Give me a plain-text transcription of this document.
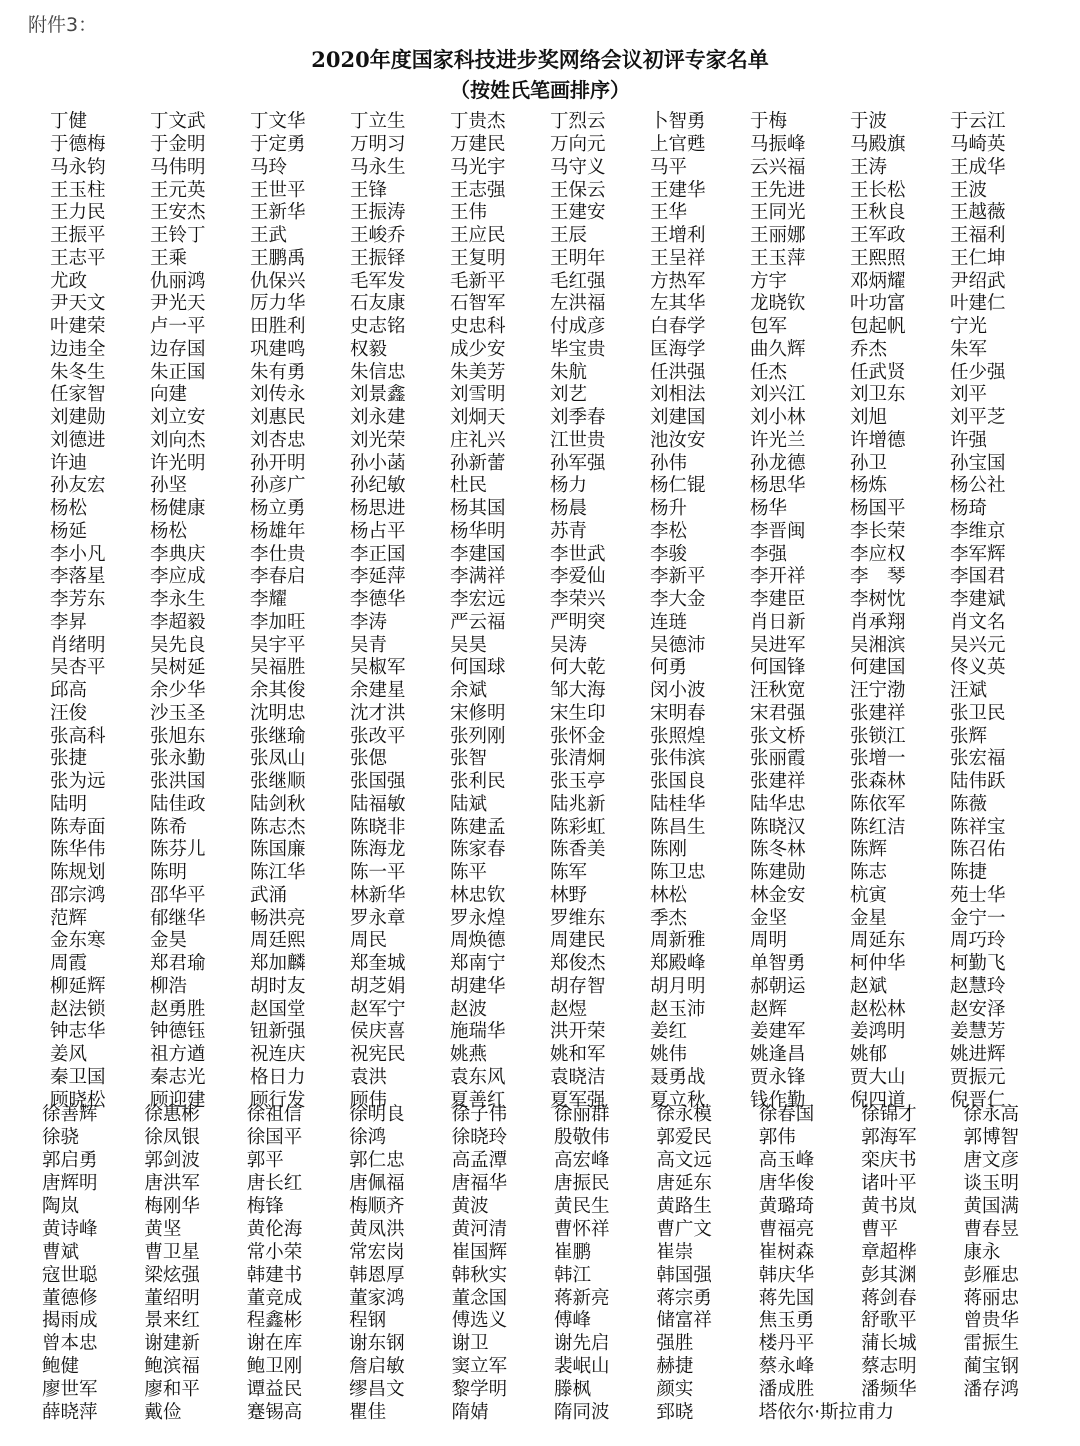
附件3：
2020年度国家科技进步奖网络会议初评专家名单
（按姓氏笔画排序）
丁健	丁文武	丁文华	丁立生	丁贵杰	丁烈云	卜智勇	于梅	于波	于云江
于德梅	于金明	于定勇	万明习	万建民	万向元	上官甦	马振峰	马殿旗	马崎英
马永钧	马伟明	马玲	马永生	马光宇	马守义	马平	云兴福	王涛	王成华
王玉柱	王元英	王世平	王锋	王志强	王保云	王建华	王先进	王长松	王波
王力民	王安杰	王新华	王振涛	王伟	王建安	王华	王同光	王秋良	王越薇
王振平	王铃丁	王武	王峻乔	王应民	王辰	王增利	王丽娜	王军政	王福利
王志平	王乘	王鹏禹	王振铎	王复明	王明年	王呈祥	王玉萍	王熙照	王仁坤
尤政	仇丽鸿	仇保兴	毛军发	毛新平	毛红强	方热军	方宇	邓炳耀	尹绍武
尹天文	尹光天	厉力华	石友康	石智军	左洪福	左其华	龙晓钦	叶功富	叶建仁
叶建荣	卢一平	田胜利	史志铭	史忠科	付成彦	白春学	包军	包起帆	宁光
边违全	边存国	巩建鸣	权毅	成少安	毕宝贵	匡海学	曲久辉	乔杰	朱军
朱冬生	朱正国	朱有勇	朱信忠	朱美芳	朱航	任洪强	任杰	任武贤	任少强
任家智	向建	刘传永	刘景鑫	刘雪明	刘艺	刘相法	刘兴江	刘卫东	刘平
刘建勋	刘立安	刘惠民	刘永建	刘炯天	刘季春	刘建国	刘小林	刘旭	刘平芝
刘德进	刘向杰	刘杏忠	刘光荣	庄礼兴	江世贵	池汝安	许光兰	许增德	许强
许迪	许光明	孙开明	孙小菡	孙新蕾	孙军强	孙伟	孙龙德	孙卫	孙宝国
孙友宏	孙坚	孙彦广	孙纪敏	杜民	杨力	杨仁锟	杨思华	杨炼	杨公社
杨松	杨健康	杨立勇	杨思进	杨其国	杨晨	杨升	杨华	杨国平	杨琦
杨延	杨松	杨雄年	杨占平	杨华明	苏青	李松	李晋闽	李长荣	李维京
李小凡	李典庆	李仕贵	李正国	李建国	李世武	李骏	李强	李应权	李军辉
李落星	李应成	李春启	李延萍	李满祥	李爱仙	李新平	李开祥	李　琴	李国君
李芳东	李永生	李耀	李德华	李宏远	李荣兴	李大金	李建臣	李树忱	李建斌
李昇	李超毅	李加旺	李涛	严云福	严明突	连琏	肖日新	肖承翔	肖文名
肖绪明	吴先良	吴宇平	吴青	吴昊	吴涛	吴德沛	吴进军	吴湘滨	吴兴元
吴杏平	吴树延	吴福胜	吴椒军	何国球	何大乾	何勇	何国锋	何建国	佟义英
邱高	余少华	余其俊	余建星	余斌	邹大海	闵小波	汪秋宽	汪宁渤	汪斌
汪俊	沙玉圣	沈明忠	沈才洪	宋修明	宋生印	宋明春	宋君强	张建祥	张卫民
张高科	张旭东	张继瑜	张改平	张列刚	张怀金	张照煌	张文桥	张锁江	张辉
张捷	张永勤	张凤山	张偲	张智	张清炯	张伟滨	张丽霞	张增一	张宏福
张为远	张洪国	张继顺	张国强	张利民	张玉亭	张国良	张建祥	张森林	陆伟跃
陆明	陆佳政	陆剑秋	陆福敏	陆斌	陆兆新	陆桂华	陆华忠	陈依军	陈薇
陈寿面	陈希	陈志杰	陈晓非	陈建孟	陈彩虹	陈昌生	陈晓汉	陈红洁	陈祥宝
陈华伟	陈芬儿	陈国廉	陈海龙	陈家春	陈香美	陈刚	陈冬林	陈辉	陈召佑
陈规划	陈明	陈江华	陈一平	陈平	陈军	陈卫忠	陈建勋	陈志	陈捷
邵宗鸿	邵华平	武涌	林新华	林忠钦	林野	林松	林金安	杭寅	苑士华
范辉	郁继华	畅洪亮	罗永章	罗永煌	罗维东	季杰	金坚	金星	金宁一
金东寒	金昊	周廷熙	周民	周焕德	周建民	周新雅	周明	周延东	周巧玲
周霞	郑君瑜	郑加麟	郑奎城	郑南宁	郑俊杰	郑殿峰	单智勇	柯仲华	柯勤飞
柳延辉	柳浩	胡时友	胡芝娟	胡建华	胡存智	胡月明	郝朝运	赵斌	赵慧玲
赵法锁	赵勇胜	赵国堂	赵军宁	赵波	赵煜	赵玉沛	赵辉	赵松林	赵安泽
钟志华	钟德钰	钮新强	侯庆喜	施瑞华	洪开荣	姜红	姜建军	姜鸿明	姜慧芳
姜风	祖方遒	祝连庆	祝宪民	姚燕	姚和军	姚伟	姚逢昌	姚郁	姚进辉
秦卫国	秦志光	格日力	袁洪	袁东风	袁晓洁	聂勇战	贾永锋	贾大山	贾振元
顾晓松	顾迎建	顾行发	顾伟	夏善红	夏军强	夏立秋	钱作勤	倪四道	倪晋仁
徐善辉	徐惠彬	徐祖信	徐明良	徐子伟	徐丽群	徐永模	徐春国	徐锦才	徐永高
徐骁	徐凤银	徐国平	徐鸿	徐晓玲	殷敬伟	郭爱民	郭伟	郭海军	郭博智
郭启勇	郭剑波	郭平	郭仁忠	高孟潭	高宏峰	高文远	高玉峰	栾庆书	唐文彦
唐辉明	唐洪军	唐长红	唐佩福	唐福华	唐振民	唐延东	唐华俊	诸叶平	谈玉明
陶岚	梅刚华	梅锋	梅顺齐	黄波	黄民生	黄路生	黄璐琦	黄书岚	黄国满
黄诗峰	黄坚	黄伦海	黄凤洪	黄河清	曹怀祥	曹广文	曹福亮	曹平	曹春昱
曹斌	曹卫星	常小荣	常宏岗	崔国辉	崔鹏	崔崇	崔树森	章超桦	康永
寇世聪	梁炫强	韩建书	韩恩厚	韩秋实	韩江	韩国强	韩庆华	彭其渊	彭雁忠
董德修	董绍明	董竞成	董家鸿	董念国	蒋新亮	蒋宗勇	蒋先国	蒋剑春	蒋丽忠
揭雨成	景来红	程鑫彬	程钢	傅选义	傅峰	储富祥	焦玉勇	舒歌平	曾贵华
曾本忠	谢建新	谢在库	谢东钢	谢卫	谢先启	强胜	楼丹平	蒲长城	雷振生
鲍健	鲍滨福	鲍卫刚	詹启敏	窦立军	裴岷山	赫捷	蔡永峰	蔡志明	蔺宝钢
廖世军	廖和平	谭益民	缪昌文	黎学明	滕枫	颜实	潘成胜	潘频华	潘存鸿
薛晓萍	戴俭	蹇锡高	瞿佳	隋婧	隋同波	郅晓	塔依尔·斯拉甫力
